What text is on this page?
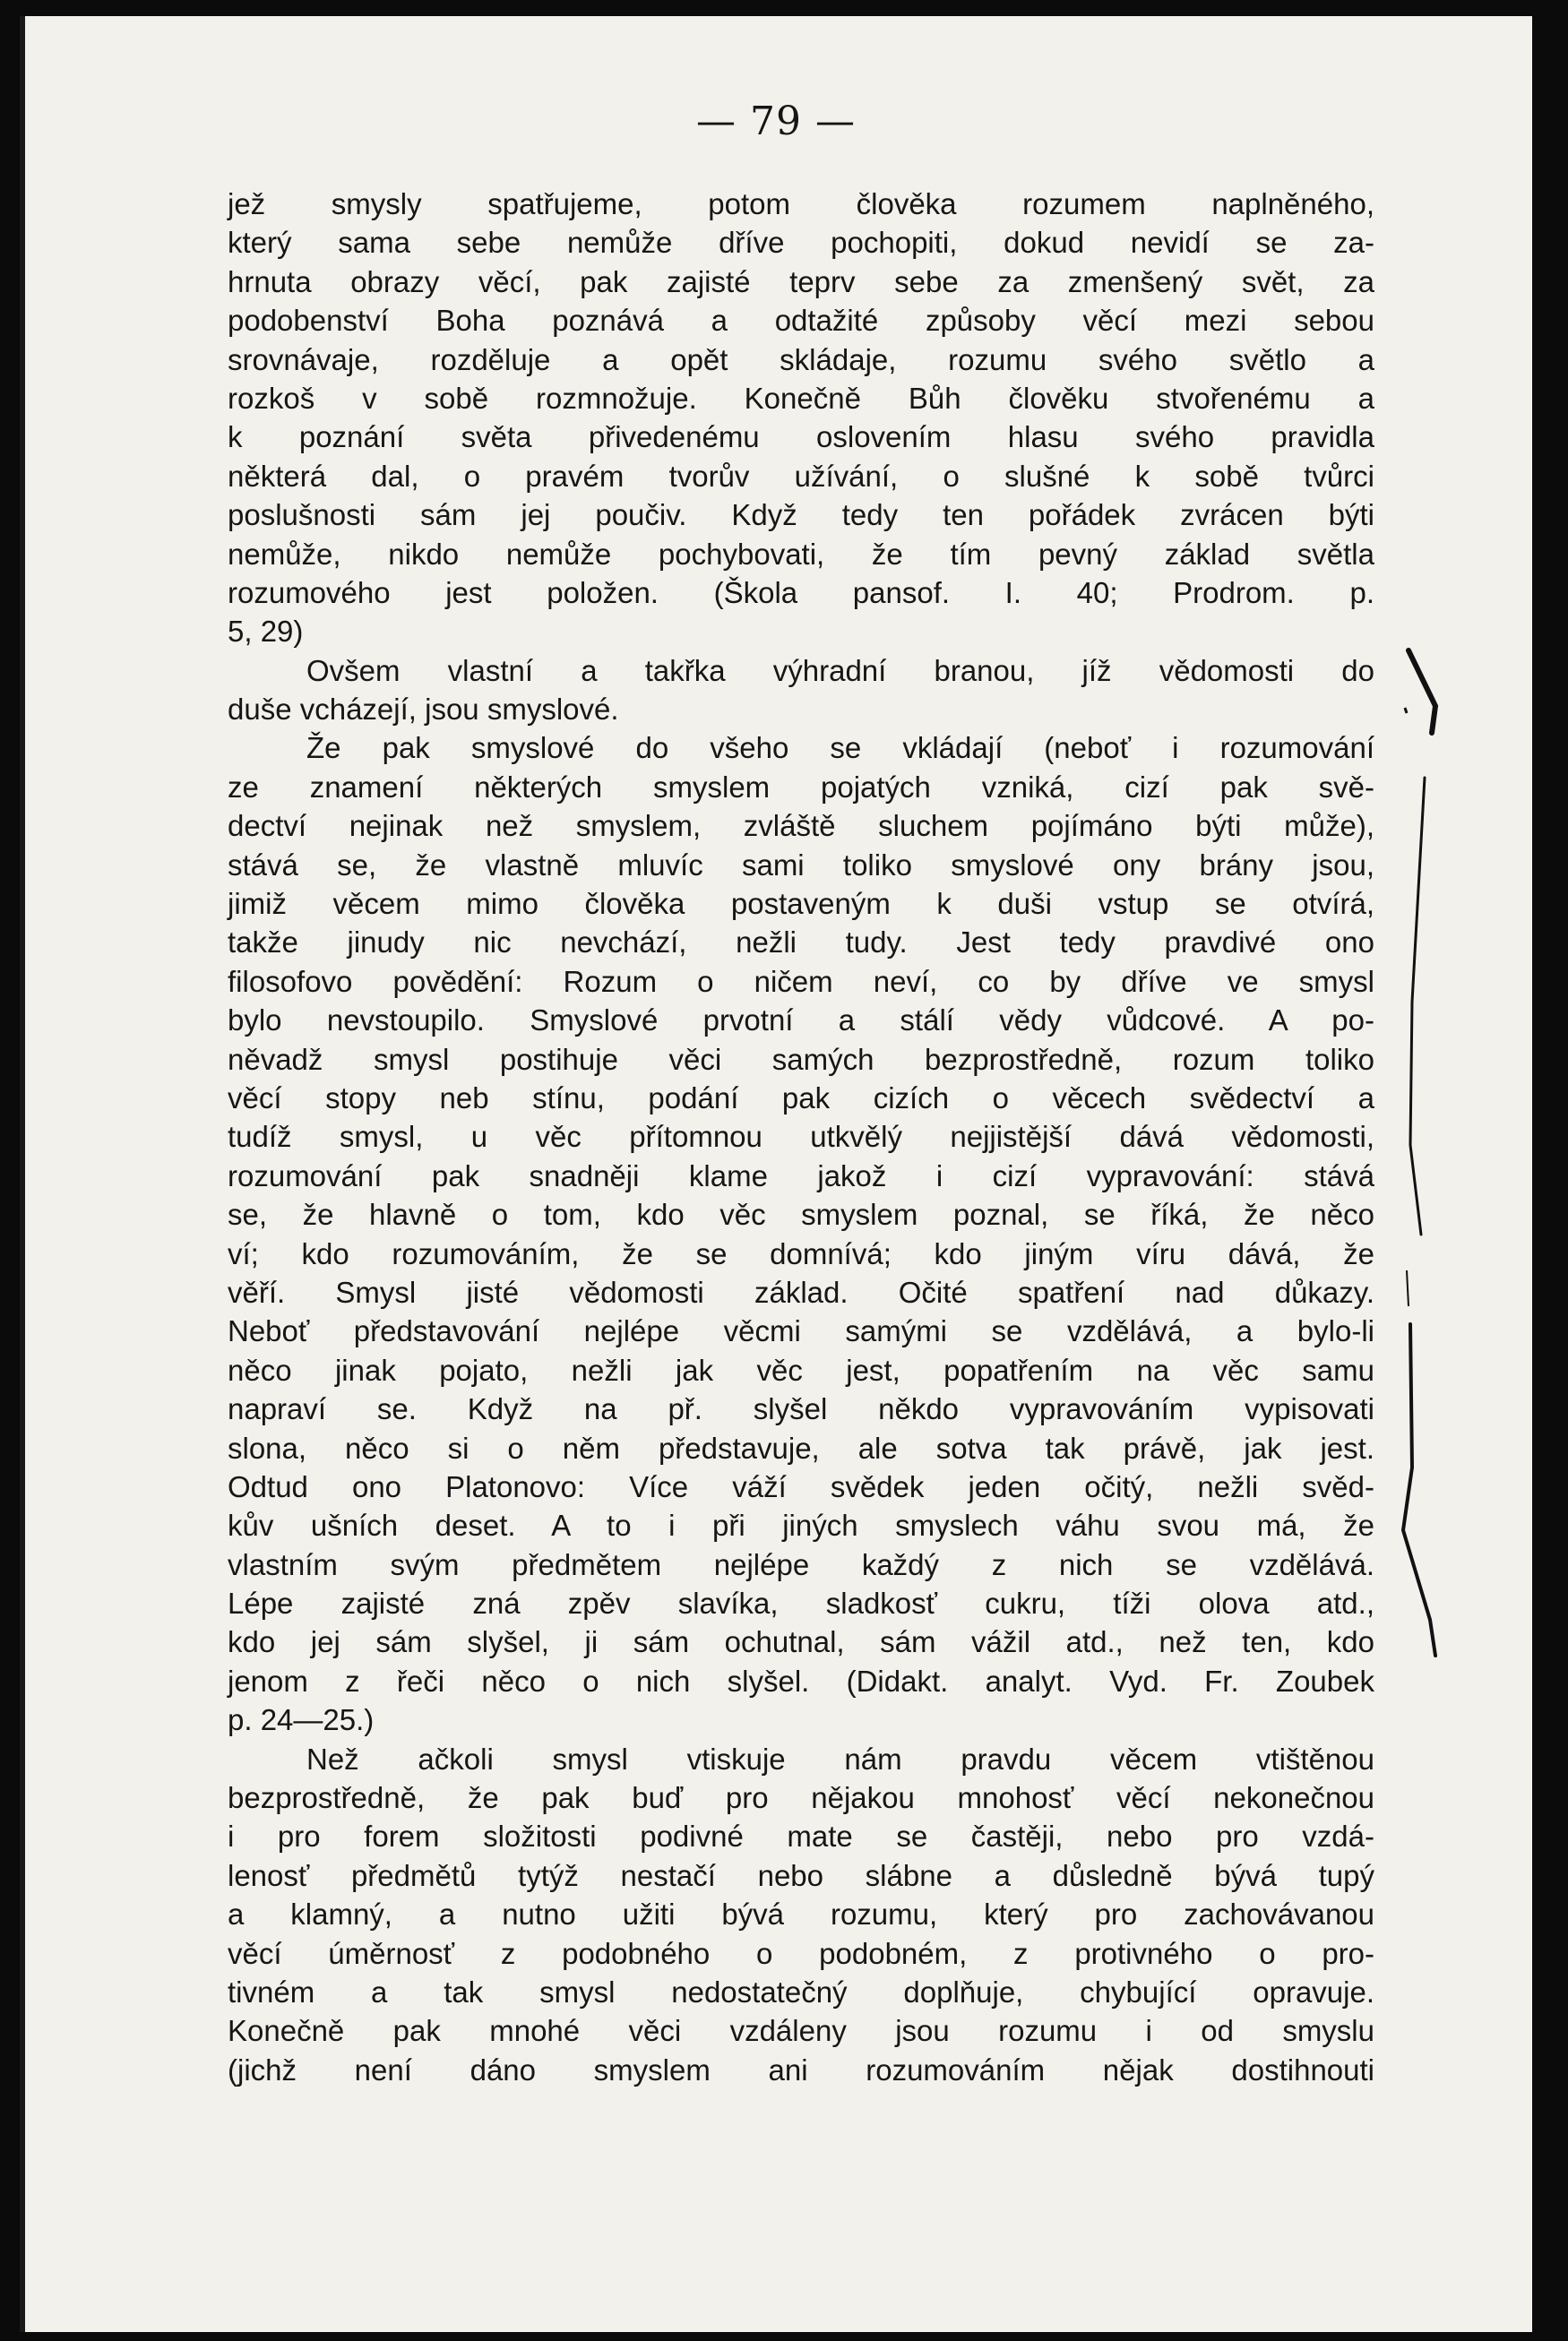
— 79 —
jež smysly spatřujeme, potom člověka rozumem naplněného,
který sama sebe nemůže dříve pochopiti, dokud nevidí se za-
hrnuta obrazy věcí, pak zajisté teprv sebe za zmenšený svět, za
podobenství Boha poznává a odtažité způsoby věcí mezi sebou
srovnávaje, rozděluje a opět skládaje, rozumu svého světlo a
rozkoš v sobě rozmnožuje. Konečně Bůh člověku stvořenému a
k poznání světa přivedenému oslovením hlasu svého pravidla
některá dal, o pravém tvorův užívání, o slušné k sobě tvůrci
poslušnosti sám jej poučiv. Když tedy ten pořádek zvrácen býti
nemůže, nikdo nemůže pochybovati, že tím pevný základ světla
rozumového jest položen. (Škola pansof. I. 40; Prodrom. p.
5, 29)
Ovšem vlastní a takřka výhradní branou, jíž vědomosti do
duše vcházejí, jsou smyslové.
Že pak smyslové do všeho se vkládají (neboť i rozumování
ze znamení některých smyslem pojatých vzniká, cizí pak svě-
dectví nejinak než smyslem, zvláště sluchem pojímáno býti může),
stává se, že vlastně mluvíc sami toliko smyslové ony brány jsou,
jimiž věcem mimo člověka postaveným k duši vstup se otvírá,
takže jinudy nic nevchází, nežli tudy. Jest tedy pravdivé ono
filosofovo povědění: Rozum o ničem neví, co by dříve ve smysl
bylo nevstoupilo. Smyslové prvotní a stálí vědy vůdcové. A po-
něvadž smysl postihuje věci samých bezprostředně, rozum toliko
věcí stopy neb stínu, podání pak cizích o věcech svědectví a
tudíž smysl, u věc přítomnou utkvělý nejjistější dává vědomosti,
rozumování pak snadněji klame jakož i cizí vypravování: stává
se, že hlavně o tom, kdo věc smyslem poznal, se říká, že něco
ví; kdo rozumováním, že se domnívá; kdo jiným víru dává, že
věří. Smysl jisté vědomosti základ. Očité spatření nad důkazy.
Neboť představování nejlépe věcmi samými se vzdělává, a bylo-li
něco jinak pojato, nežli jak věc jest, popatřením na věc samu
napraví se. Když na př. slyšel někdo vypravováním vypisovati
slona, něco si o něm představuje, ale sotva tak právě, jak jest.
Odtud ono Platonovo: Více váží svědek jeden očitý, nežli svěd-
kův ušních deset. A to i při jiných smyslech váhu svou má, že
vlastním svým předmětem nejlépe každý z nich se vzdělává.
Lépe zajisté zná zpěv slavíka, sladkosť cukru, tíži olova atd.,
kdo jej sám slyšel, ji sám ochutnal, sám vážil atd., než ten, kdo
jenom z řeči něco o nich slyšel. (Didakt. analyt. Vyd. Fr. Zoubek
p. 24—25.)
Než ačkoli smysl vtiskuje nám pravdu věcem vtištěnou
bezprostředně, že pak buď pro nějakou mnohosť věcí nekonečnou
i pro forem složitosti podivné mate se častěji, nebo pro vzdá-
lenosť předmětů tytýž nestačí nebo slábne a důsledně bývá tupý
a klamný, a nutno užiti bývá rozumu, který pro zachovávanou
věcí úměrnosť z podobného o podobném, z protivného o pro-
tivném a tak smysl nedostatečný doplňuje, chybující opravuje.
Konečně pak mnohé věci vzdáleny jsou rozumu i od smyslu
(jichž není dáno smyslem ani rozumováním nějak dostihnouti
